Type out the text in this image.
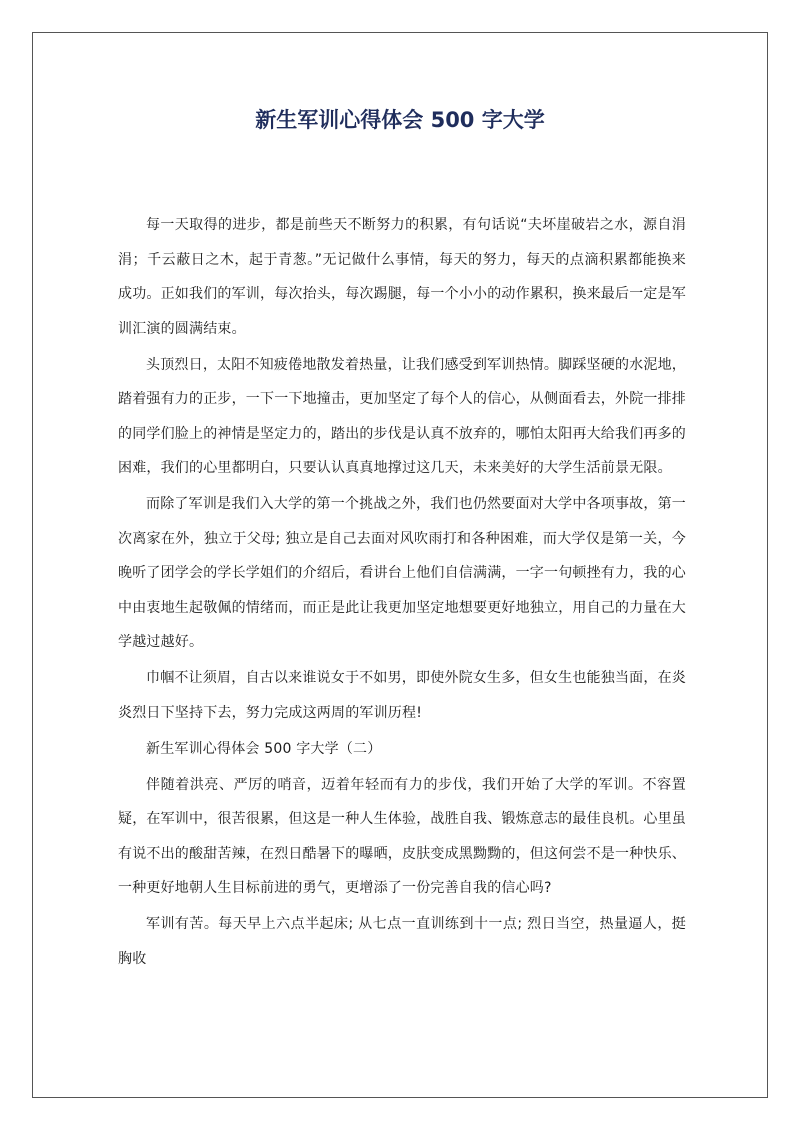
新生军训心得体会 500 字大学

每一天取得的进步，都是前些天不断努力的积累，有句话说“夫坏崖破岩之水，源自涓涓；千云蔽日之木，起于青葱。”无记做什么事情，每天的努力，每天的点滴积累都能换来成功。正如我们的军训，每次抬头，每次踢腿，每一个小小的动作累积，换来最后一定是军训汇演的圆满结束。

头顶烈日，太阳不知疲倦地散发着热量，让我们感受到军训热情。脚踩坚硬的水泥地，踏着强有力的正步，一下一下地撞击，更加坚定了每个人的信心，从侧面看去，外院一排排的同学们脸上的神情是坚定力的，踏出的步伐是认真不放弃的，哪怕太阳再大给我们再多的困难，我们的心里都明白，只要认认真真地撑过这几天，未来美好的大学生活前景无限。

而除了军训是我们入大学的第一个挑战之外，我们也仍然要面对大学中各项事故，第一次离家在外，独立于父母; 独立是自己去面对风吹雨打和各种困难，而大学仅是第一关，今晚听了团学会的学长学姐们的介绍后，看讲台上他们自信满满，一字一句顿挫有力，我的心中由衷地生起敬佩的情绪而，而正是此让我更加坚定地想要更好地独立，用自己的力量在大学越过越好。

巾帼不让须眉，自古以来谁说女于不如男，即使外院女生多，但女生也能独当面，在炎炎烈日下坚持下去，努力完成这两周的军训历程!

新生军训心得体会 500 字大学（二）

伴随着洪亮、严厉的哨音，迈着年轻而有力的步伐，我们开始了大学的军训。不容置疑，在军训中，很苦很累，但这是一种人生体验，战胜自我、锻炼意志的最佳良机。心里虽有说不出的酸甜苦辣，在烈日酷暑下的曝晒，皮肤变成黑黝黝的，但这何尝不是一种快乐、一种更好地朝人生目标前进的勇气，更增添了一份完善自我的信心吗?

军训有苦。每天早上六点半起床; 从七点一直训练到十一点; 烈日当空，热量逼人，挺胸收
